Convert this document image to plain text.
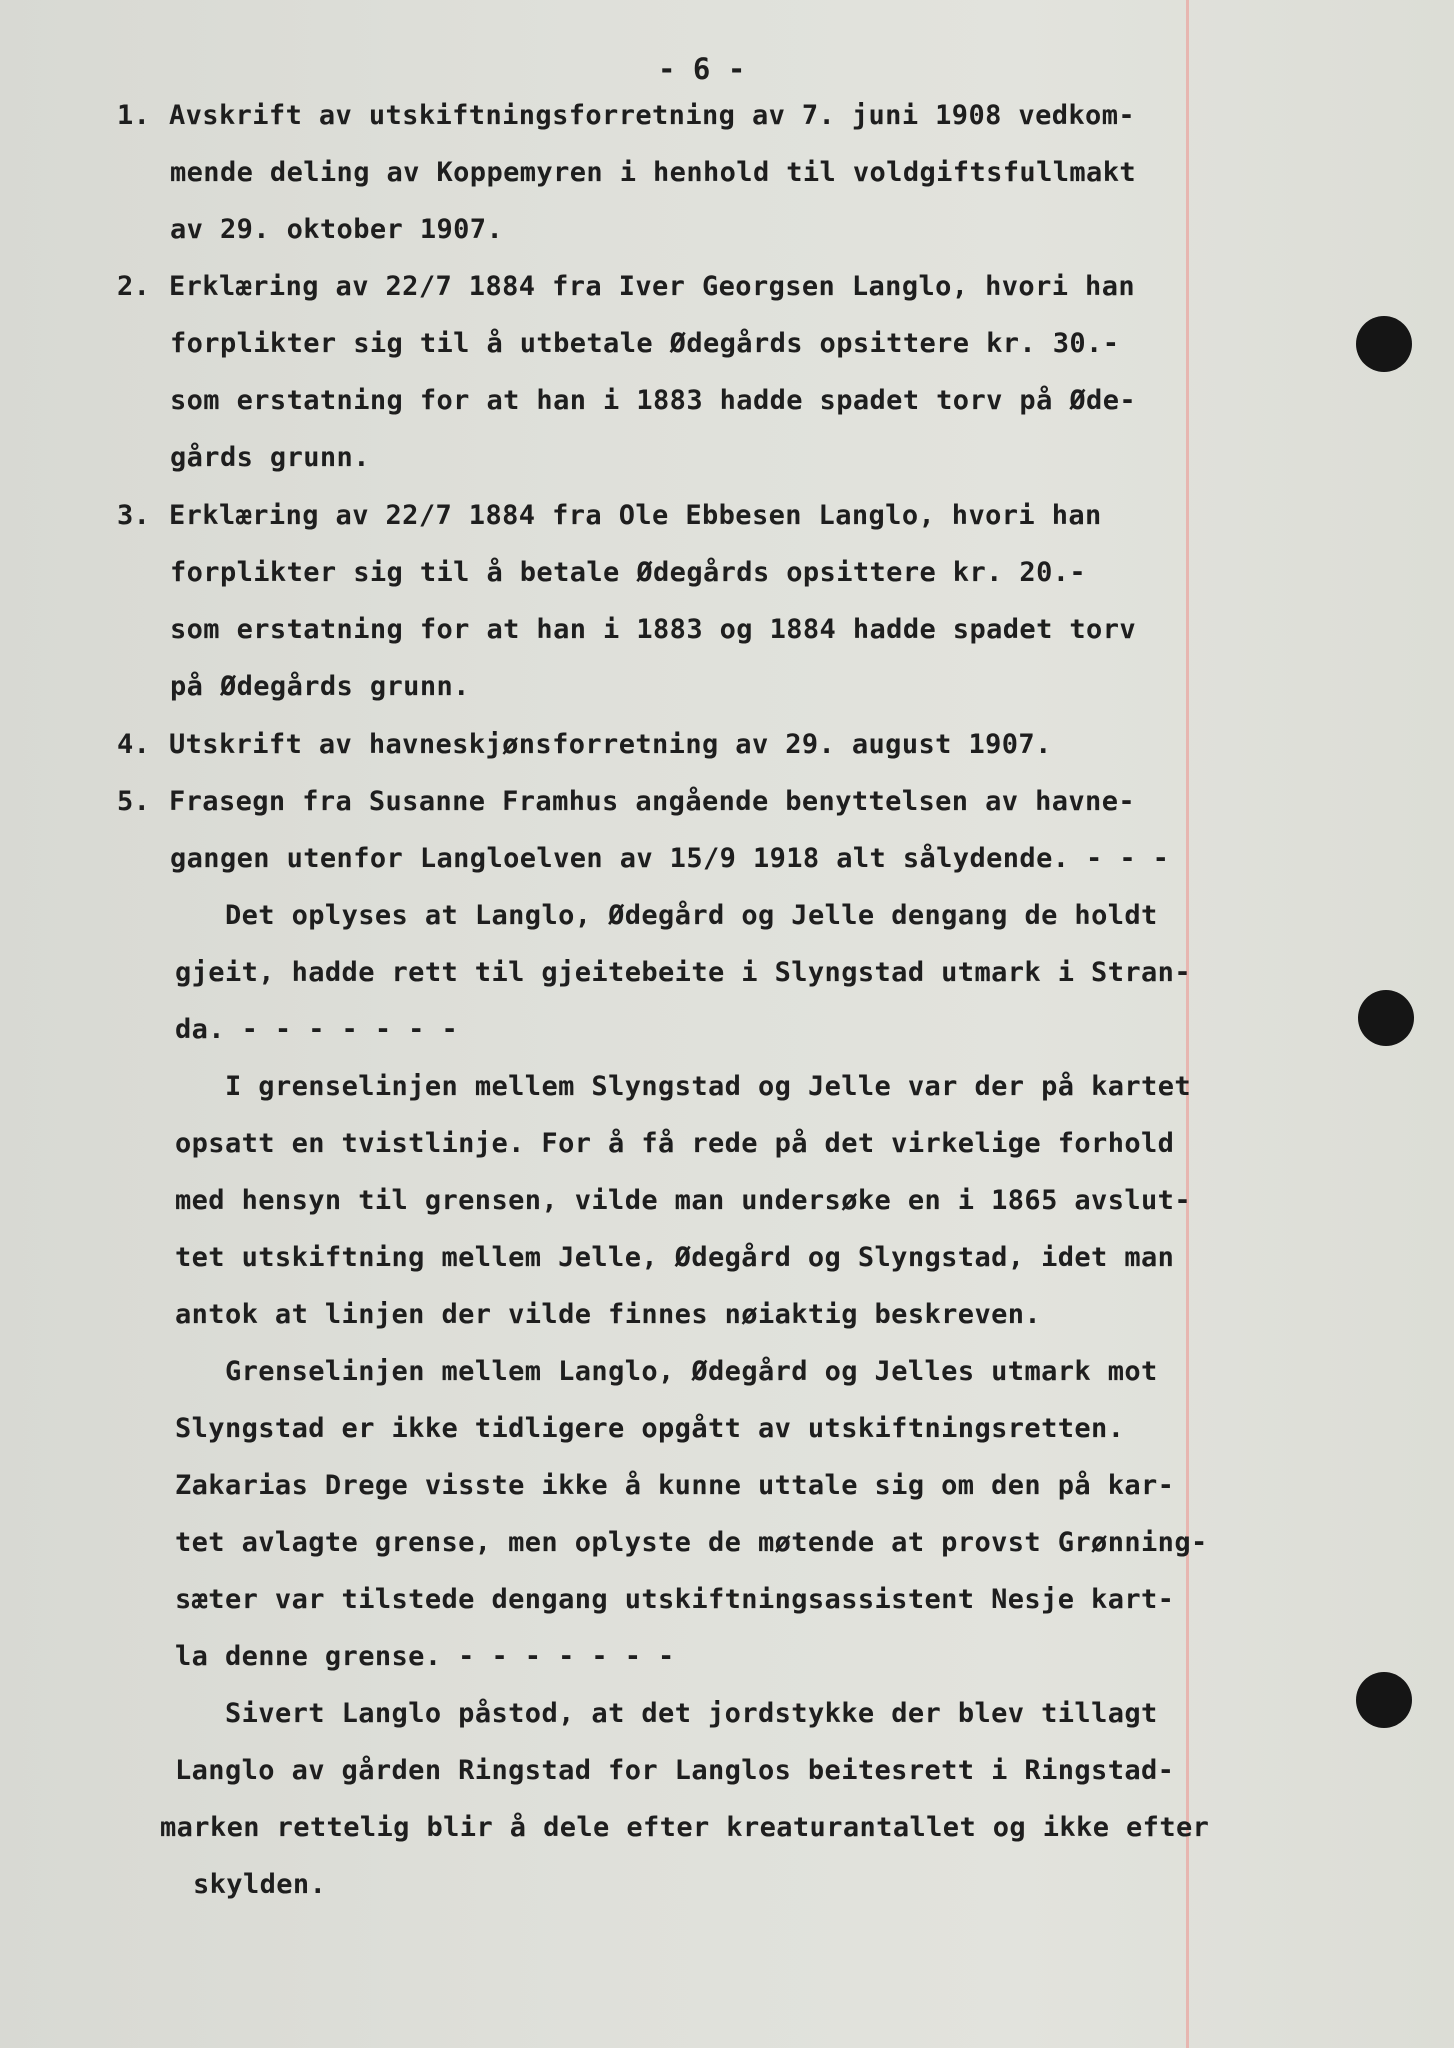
- 6 -
1. Avskrift av utskiftningsforretning av 7. juni 1908 vedkom-
mende deling av Koppemyren i henhold til voldgiftsfullmakt
av 29. oktober 1907.
2. Erklæring av 22/7 1884 fra Iver Georgsen Langlo, hvori han
forplikter sig til å utbetale Ødegårds opsittere kr. 30.-
som erstatning for at han i 1883 hadde spadet torv på Øde-
gårds grunn.
3. Erklæring av 22/7 1884 fra Ole Ebbesen Langlo, hvori han
forplikter sig til å betale Ødegårds opsittere kr. 20.-
som erstatning for at han i 1883 og 1884 hadde spadet torv
på Ødegårds grunn.
4. Utskrift av havneskjønsforretning av 29. august 1907.
5. Frasegn fra Susanne Framhus angående benyttelsen av havne-
gangen utenfor Langloelven av 15/9 1918 alt sålydende. - - -
Det oplyses at Langlo, Ødegård og Jelle dengang de holdt
gjeit, hadde rett til gjeitebeite i Slyngstad utmark i Stran-
da. - - - - - - -
I grenselinjen mellem Slyngstad og Jelle var der på kartet
opsatt en tvistlinje. For å få rede på det virkelige forhold
med hensyn til grensen, vilde man undersøke en i 1865 avslut-
tet utskiftning mellem Jelle, Ødegård og Slyngstad, idet man
antok at linjen der vilde finnes nøiaktig beskreven.
Grenselinjen mellem Langlo, Ødegård og Jelles utmark mot
Slyngstad er ikke tidligere opgått av utskiftningsretten.
Zakarias Drege visste ikke å kunne uttale sig om den på kar-
tet avlagte grense, men oplyste de møtende at provst Grønning-
sæter var tilstede dengang utskiftningsassistent Nesje kart-
la denne grense. - - - - - - -
Sivert Langlo påstod, at det jordstykke der blev tillagt
Langlo av gården Ringstad for Langlos beitesrett i Ringstad-
marken rettelig blir å dele efter kreaturantallet og ikke efter
skylden.
